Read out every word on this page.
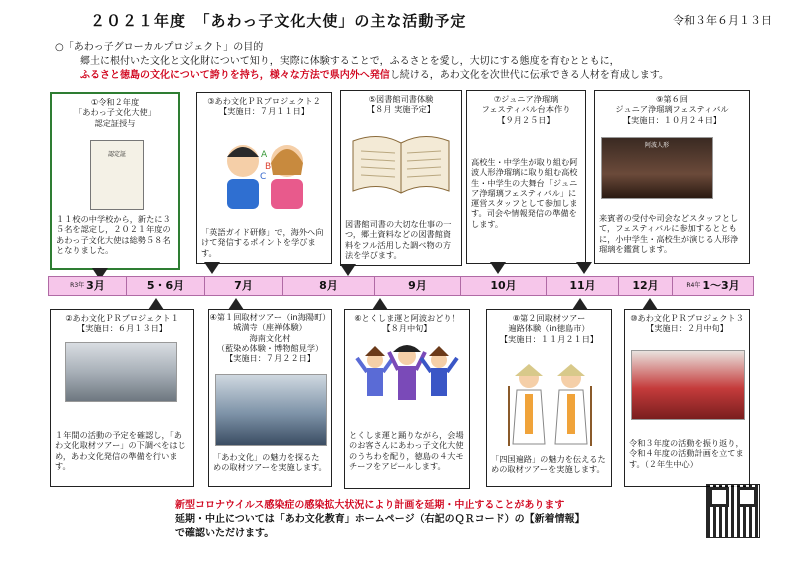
２０２１年度　「あわっ子文化大使」の主な活動予定	令和３年６月１３日
○「あわっ子グローカルプロジェクト」の目的
郷土に根付いた文化と文化財について知り，実際に体験することで，ふるさとを愛し，大切にする態度を育むとともに，
ふるさと徳島の文化について誇りを持ち，様々な方法で県内外へ発信し続ける，あわ文化を次世代に伝承できる人材を育成します。
①令和２年度
「あわっ子文化大使」
認定証授与
認定証
１１校の中学校から，新たに３５名を認定し，２０２１年度のあわっ子文化大使は総勢５８名となりました。
③あわ文化ＰＲプロジェクト２
【実施日：７月１１日】
A
B
C
「英語ガイド研修」で，海外へ向けて発信するポイントを学びます。
⑤図書館司書体験
【８月 実施予定】
図書館司書の大切な仕事の一つ，郷土資料などの図書館資料をフル活用した調べ物の方法を学びます。
⑦ジュニア浄瑠璃
フェスティバル台本作り
【９月２５日】
高校生・中学生が取り組む阿波人形浄瑠璃に取り組む高校生・中学生の大舞台「ジュニア浄瑠璃フェスティバル」に運営スタッフとして参加します。司会や情報発信の準備をします。
⑨第６回
ジュニア浄瑠璃フェスティバル
【実施日：１０月２４日】
阿波人形
来賓者の受付や司会などスタッフとして，フェスティバルに参加するとともに，小中学生・高校生が演じる人形浄瑠璃を鑑賞します。
$^{R3年}$ 3月	5・6月	7月	8月	9月	10月	11月	12月	$^{R4年}$ 1〜3月
②あわ文化ＰＲプロジェクト１
【実施日：６月１３日】
１年間の活動の予定を確認し，「あわ文化取材ツアー」の下調べをはじめ，あわ文化発信の準備を行います。
④第１回取材ツアー（in海陽町）
城満寺（座禅体験）
海南文化村
（藍染め体験・博物館見学）
【実施日：７月２２日】
「あわ文化」の魅力を探るための取材ツアーを実施します。
⑥とくしま運と阿波おどり！
【８月中旬】
とくしま運と踊りながら，会場のお客さんにあわっ子文化大使のうちわを配り，徳島の４大モチーフをアピールします。
⑧第２回取材ツアー
遍路体験（in徳島市）
【実施日：１１月２１日】
「四国遍路」の魅力を伝えるための取材ツアーを実施します。
⑩あわ文化ＰＲプロジェクト３
【実施日：２月中旬】
令和３年度の活動を振り返り，令和４年度の活動計画を立てます。（２年生中心）
新型コロナウイルス感染症の感染拡大状況により計画を延期・中止することがあります
延期・中止については「あわ文化教育」ホームページ（右記のＱＲコード）の【新着情報】
で確認いただけます。
